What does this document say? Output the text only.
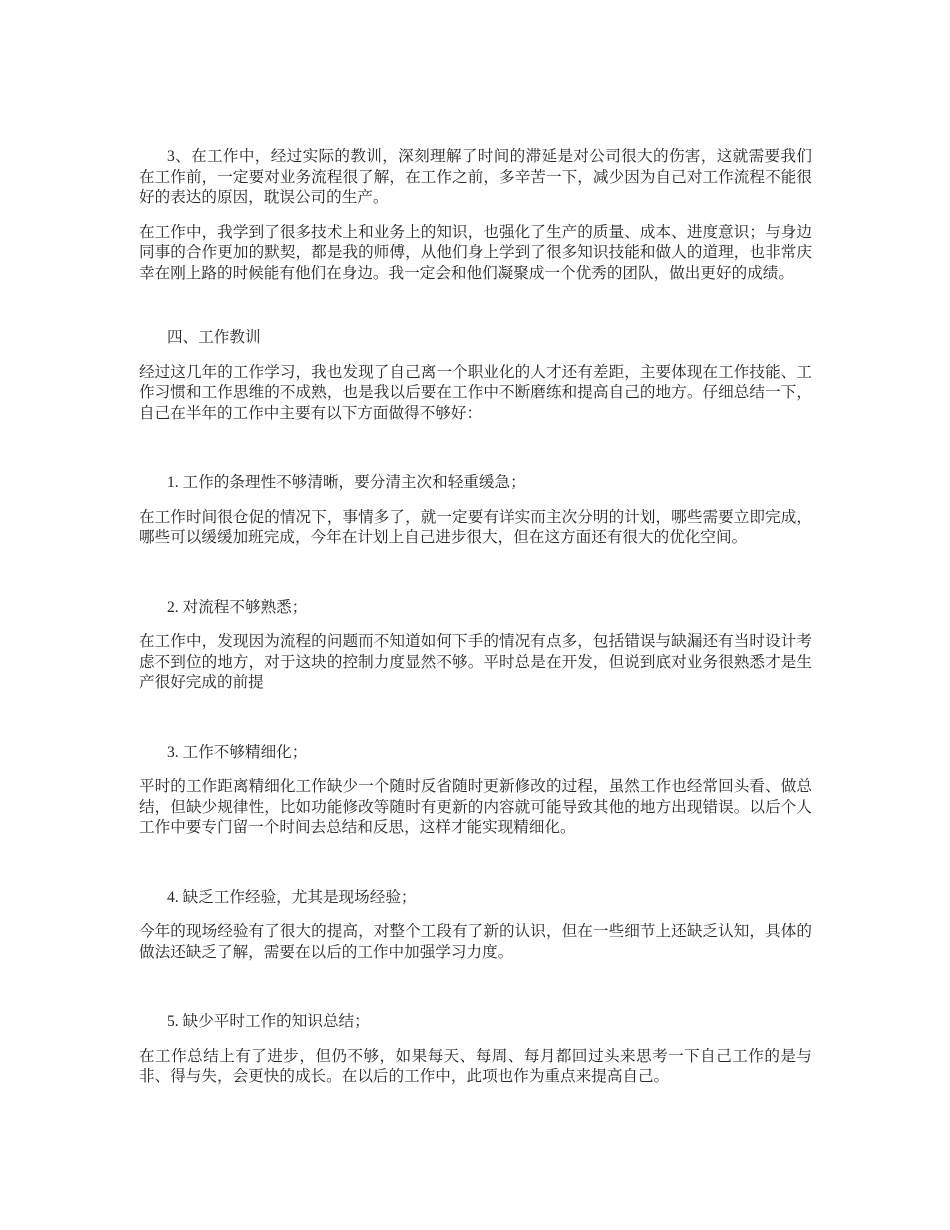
3、在工作中，经过实际的教训，深刻理解了时间的滞延是对公司很大的伤害，这就需要我们在工作前，一定要对业务流程很了解，在工作之前，多辛苦一下，减少因为自己对工作流程不能很好的表达的原因，耽误公司的生产。

在工作中，我学到了很多技术上和业务上的知识，也强化了生产的质量、成本、进度意识；与身边同事的合作更加的默契，都是我的师傅，从他们身上学到了很多知识技能和做人的道理，也非常庆幸在刚上路的时候能有他们在身边。我一定会和他们凝聚成一个优秀的团队，做出更好的成绩。

四、工作教训

经过这几年的工作学习，我也发现了自己离一个职业化的人才还有差距，主要体现在工作技能、工作习惯和工作思维的不成熟，也是我以后要在工作中不断磨练和提高自己的地方。仔细总结一下，自己在半年的工作中主要有以下方面做得不够好：

1. 工作的条理性不够清晰，要分清主次和轻重缓急；

在工作时间很仓促的情况下，事情多了，就一定要有详实而主次分明的计划，哪些需要立即完成，哪些可以缓缓加班完成，今年在计划上自己进步很大，但在这方面还有很大的优化空间。

2. 对流程不够熟悉；

在工作中，发现因为流程的问题而不知道如何下手的情况有点多，包括错误与缺漏还有当时设计考虑不到位的地方，对于这块的控制力度显然不够。平时总是在开发，但说到底对业务很熟悉才是生产很好完成的前提

3. 工作不够精细化；

平时的工作距离精细化工作缺少一个随时反省随时更新修改的过程，虽然工作也经常回头看、做总结，但缺少规律性，比如功能修改等随时有更新的内容就可能导致其他的地方出现错误。以后个人工作中要专门留一个时间去总结和反思，这样才能实现精细化。

4. 缺乏工作经验，尤其是现场经验；

今年的现场经验有了很大的提高，对整个工段有了新的认识，但在一些细节上还缺乏认知，具体的做法还缺乏了解，需要在以后的工作中加强学习力度。

5. 缺少平时工作的知识总结；

在工作总结上有了进步，但仍不够，如果每天、每周、每月都回过头来思考一下自己工作的是与非、得与失，会更快的成长。在以后的工作中，此项也作为重点来提高自己。
